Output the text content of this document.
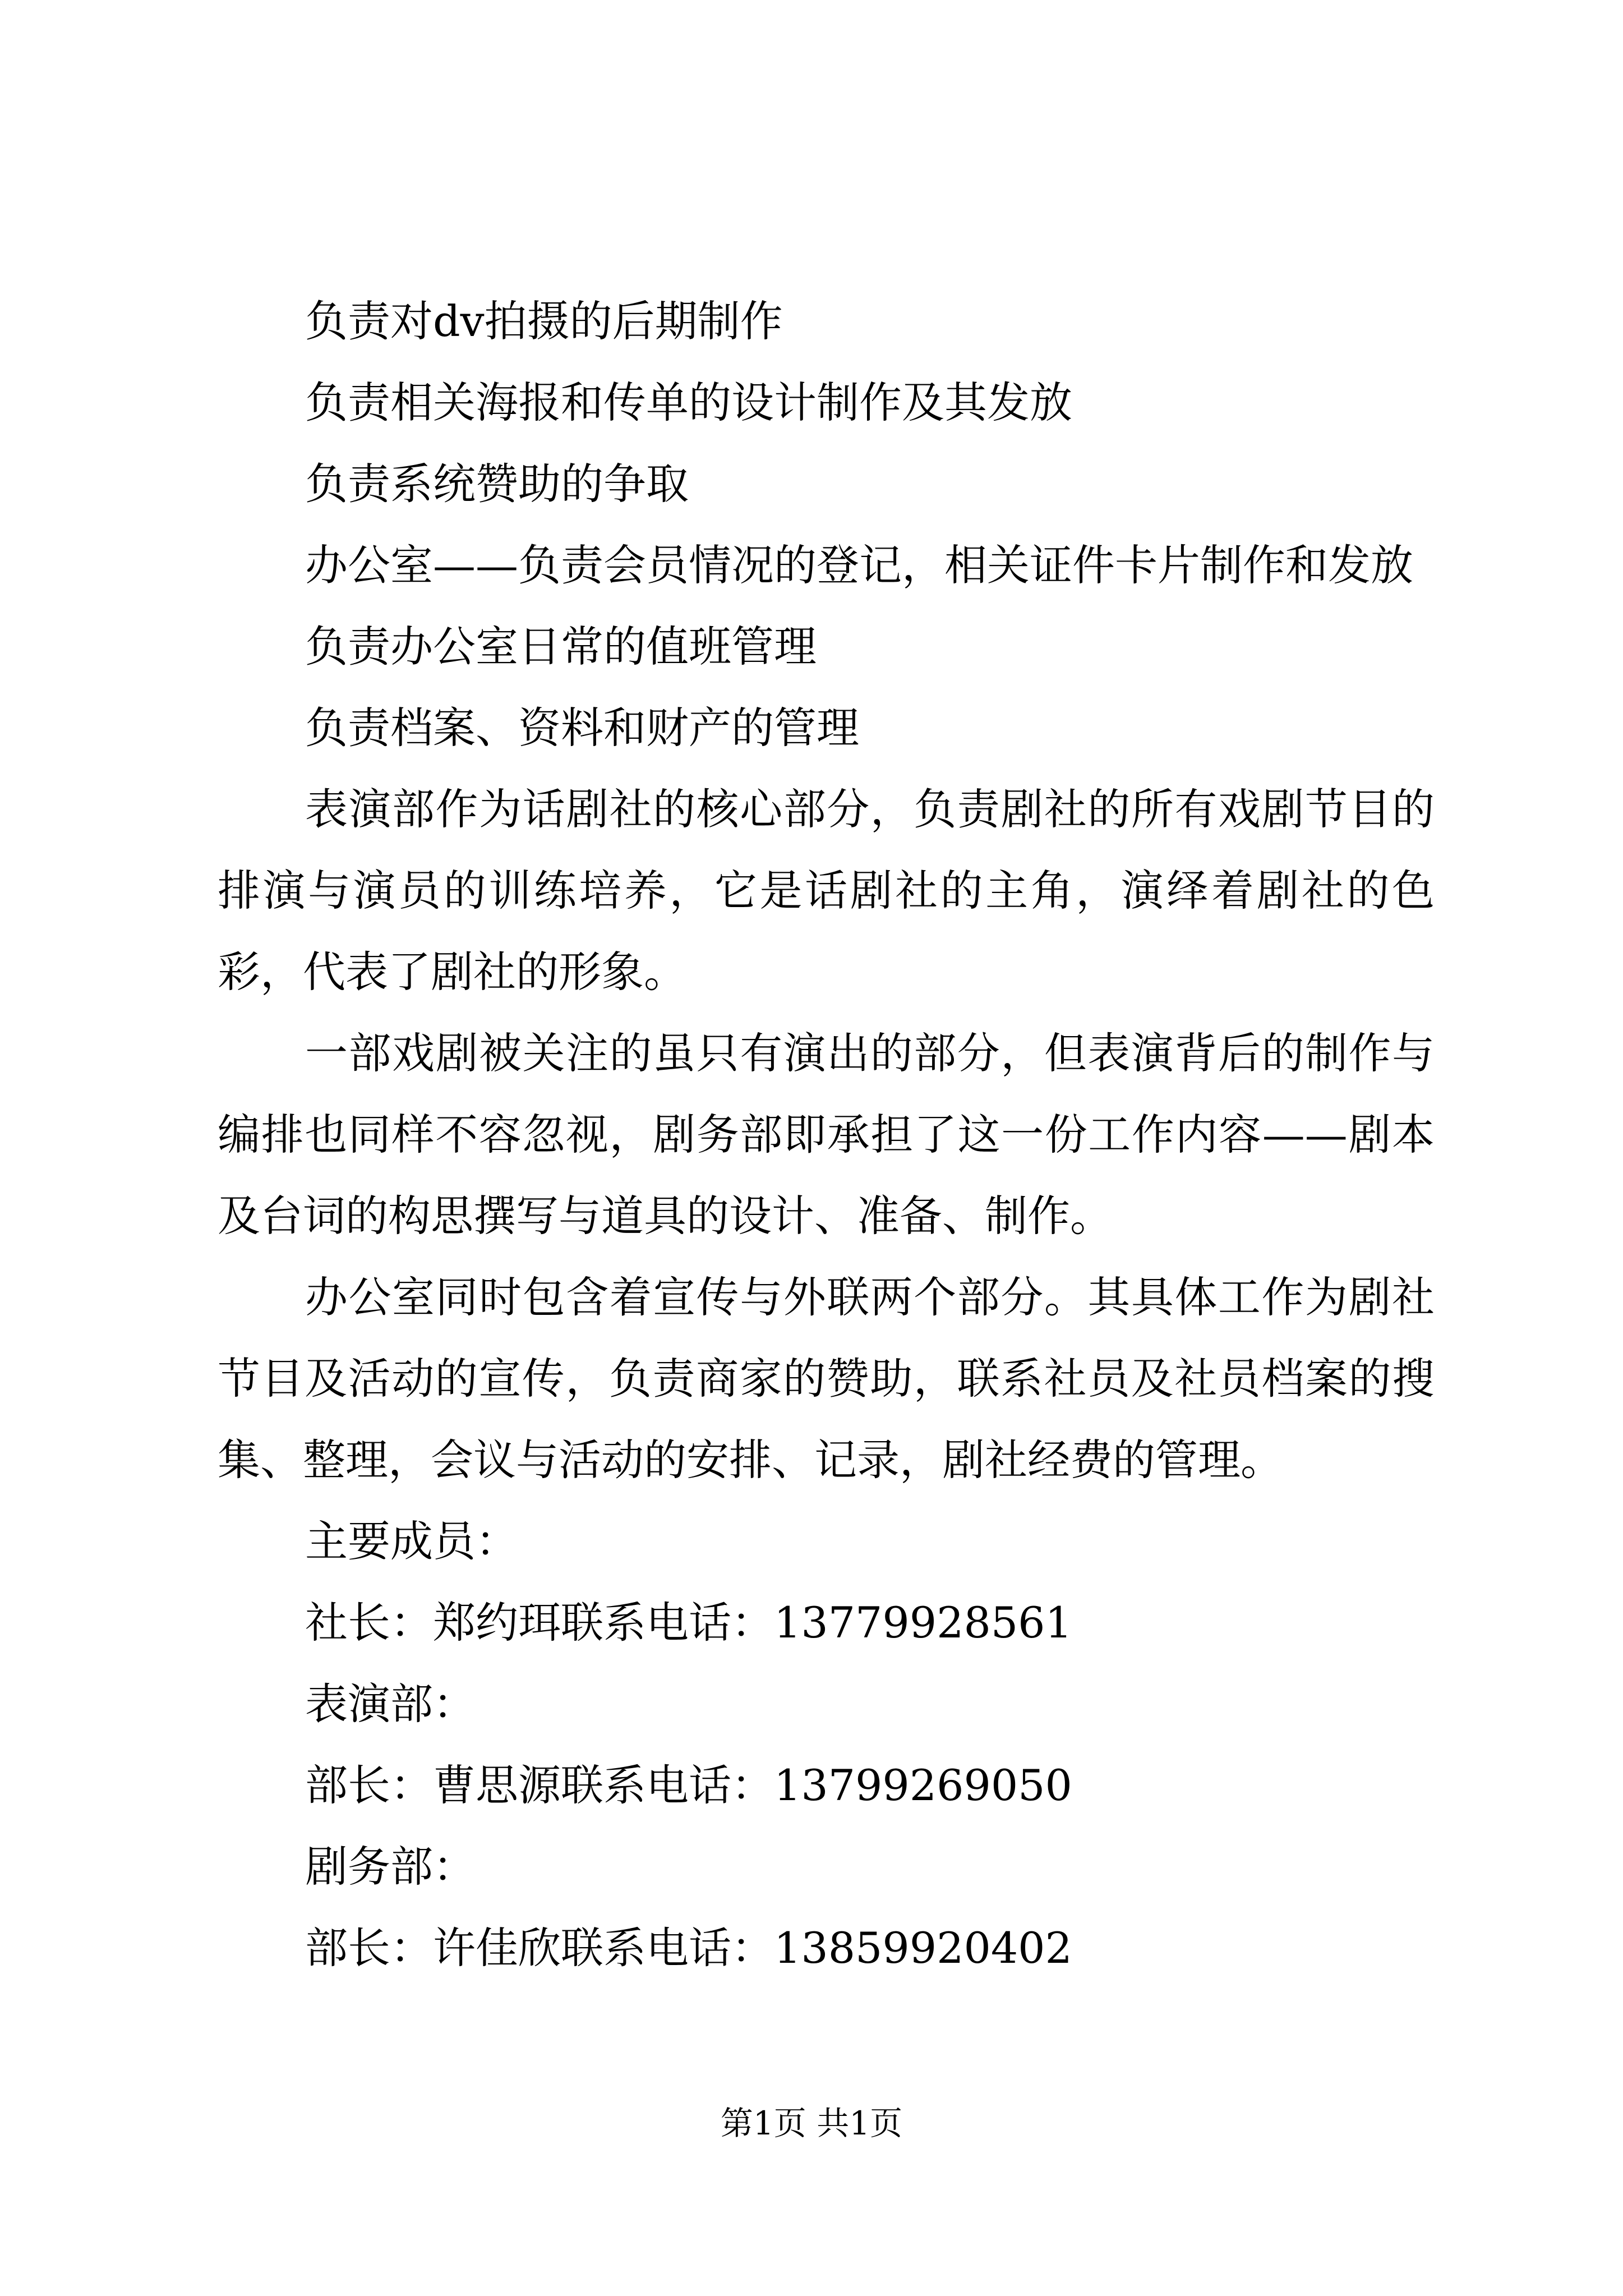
负责对dv拍摄的后期制作
负责相关海报和传单的设计制作及其发放
负责系统赞助的争取
办公室——负责会员情况的登记，相关证件卡片制作和发放
负责办公室日常的值班管理
负责档案、资料和财产的管理

表演部作为话剧社的核心部分，负责剧社的所有戏剧节目的排演与演员的训练培养，它是话剧社的主角，演绎着剧社的色彩，代表了剧社的形象。

一部戏剧被关注的虽只有演出的部分，但表演背后的制作与编排也同样不容忽视，剧务部即承担了这一份工作内容——剧本及台词的构思撰写与道具的设计、准备、制作。

办公室同时包含着宣传与外联两个部分。其具体工作为剧社节目及活动的宣传，负责商家的赞助，联系社员及社员档案的搜集、整理，会议与活动的安排、记录，剧社经费的管理。

主要成员：
社长：郑约珥联系电话：13779928561
表演部：
部长：曹思源联系电话：13799269050
剧务部：
部长：许佳欣联系电话：13859920402
第1页 共1页
